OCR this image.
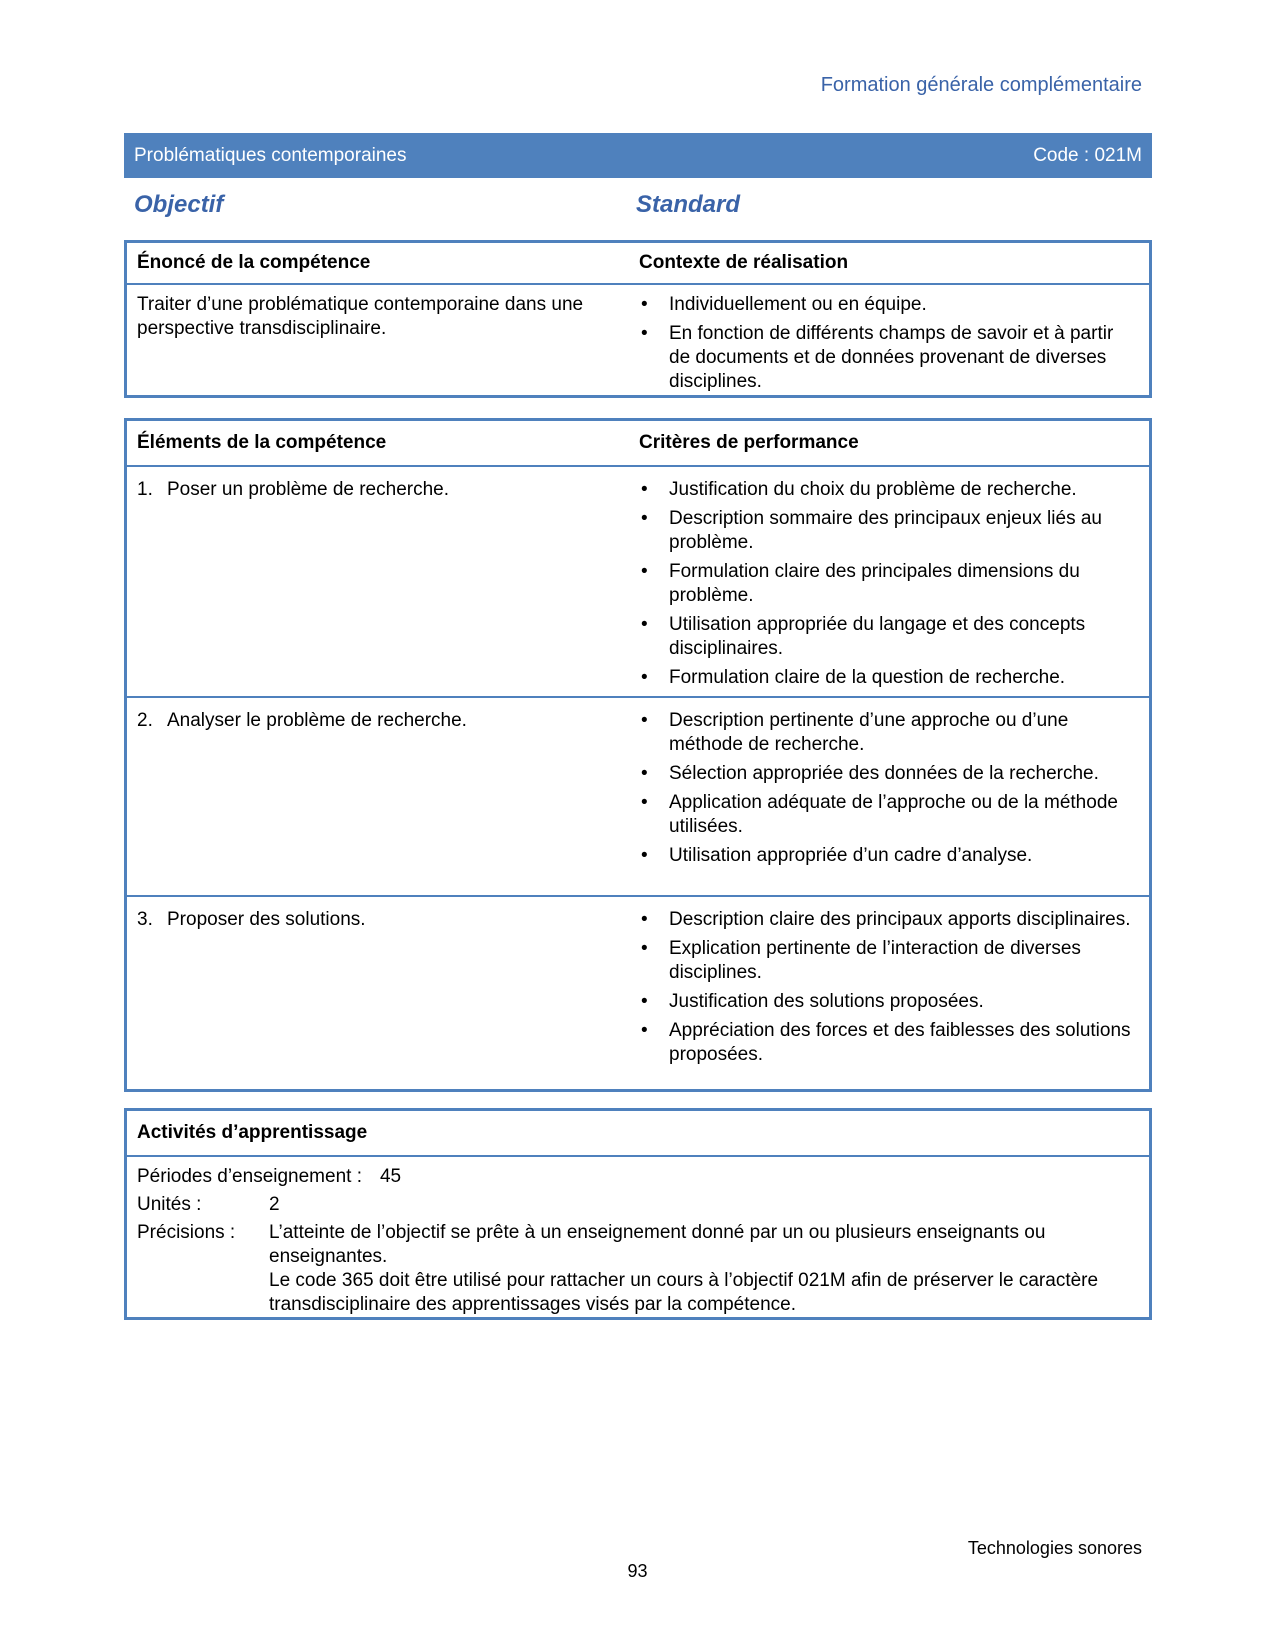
Formation générale complémentaire
Problématiques contemporaines	Code : 021M
Objectif	Standard
Énoncé de la compétence	Contexte de réalisation
Traiter d’une problématique contemporaine dans une perspective transdisciplinaire.
•	Individuellement ou en équipe.
•	En fonction de différents champs de savoir et à partir de documents et de données provenant de diverses disciplines.
Éléments de la compétence	Critères de performance
1. Poser un problème de recherche.	•	Justification du choix du problème de recherche.
•	Description sommaire des principaux enjeux liés au problème.
•	Formulation claire des principales dimensions du problème.
•	Utilisation appropriée du langage et des concepts disciplinaires.
•	Formulation claire de la question de recherche.
2. Analyser le problème de recherche.	•	Description pertinente d’une approche ou d’une méthode de recherche.
•	Sélection appropriée des données de la recherche.
•	Application adéquate de l’approche ou de la méthode utilisées.
•	Utilisation appropriée d’un cadre d’analyse.
3. Proposer des solutions.	•	Description claire des principaux apports disciplinaires.
•	Explication pertinente de l’interaction de diverses disciplines.
•	Justification des solutions proposées.
•	Appréciation des forces et des faiblesses des solutions proposées.
Activités d’apprentissage
Périodes d’enseignement : 45
Unités :	2
Précisions :	L’atteinte de l’objectif se prête à un enseignement donné par un ou plusieurs enseignants ou enseignantes.
Le code 365 doit être utilisé pour rattacher un cours à l’objectif 021M afin de préserver le caractère transdisciplinaire des apprentissages visés par la compétence.
Technologies sonores
93
